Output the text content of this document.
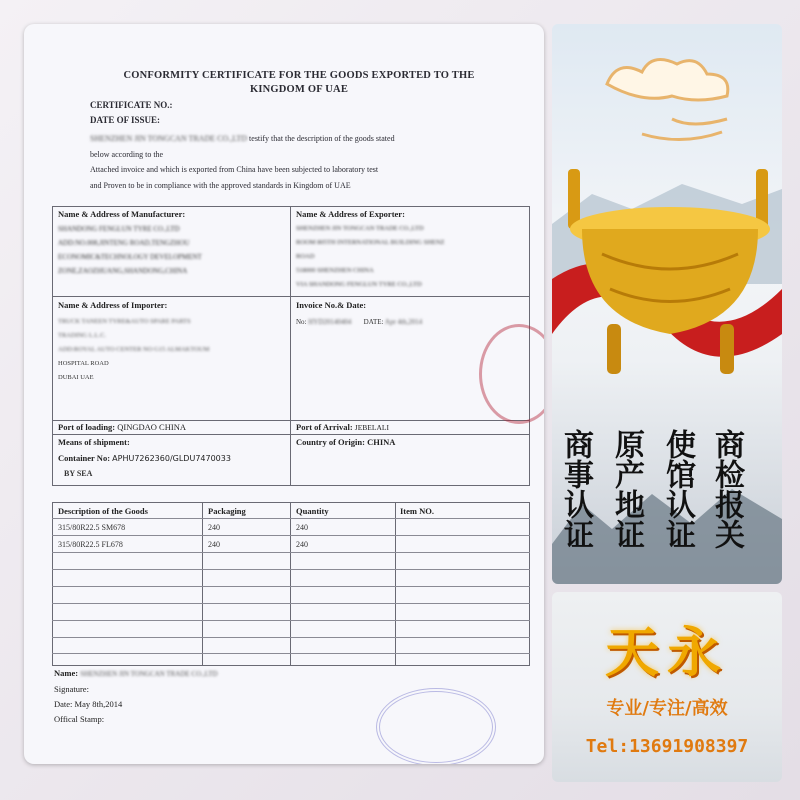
CONFORMITY CERTIFICATE FOR THE GOODS EXPORTED TO THE
KINGDOM OF UAE
CERTIFICATE NO.:
DATE OF ISSUE:
SHENZHEN JIN TONGCAN TRADE CO.,LTD testify that the description of the goods stated
below according to the
Attached invoice and which is exported from China have been subjected to laboratory test
and Proven to be in compliance with the approved standards in Kingdom of UAE
Name & Address of Manufacturer:
SHANDONG FENGLUN TYRE CO.,LTD
ADD:NO.008,JINTENG ROAD,TENGZHOU
ECONOMIC&TECHNOLOGY DEVELOPMENT
ZONE,ZAOZHUANG,SHANDONG,CHINA
Name & Address of Exporter:
SHENZHEN JIN TONGCAN TRADE CO.,LTD
ROOM 805TH INTERNATIONAL BUILDING SHENZ
ROAD
518000 SHENZHEN CHINA
VIA SHANDONG FENGLUN TYRE CO.,LTD
Name & Address of Importer:
TRUCK TANEEN TYRE&AUTO SPARE PARTS
TRADING L.L.C.
ADD:ROYAL AUTO CENTER NO G15 ALMAKTOUM
HOSPITAL ROAD
DUBAI UAE
Invoice No.& Date:
No: HYD20140404 DATE: Apr 4th,2014
Port of loading: QINGDAO CHINA	Port of Arrival: JEBELALI
Means of shipment:
Container No: APHU7262360/GLDU7470033
BY SEA
Country of Origin: CHINA
Description of the Goods	Packaging	Quantity	Item NO.
315/80R22.5 SM678	240	240
315/80R22.5 FL678	240	240
Name: SHENZHEN JIN TONGCAN TRADE CO.,LTD
Signature:
Date: May 8th,2014
Offical Stamp:
商事认证 原产地证 使馆认证 商检报关
天永
专业/专注/高效
Tel:13691908397
